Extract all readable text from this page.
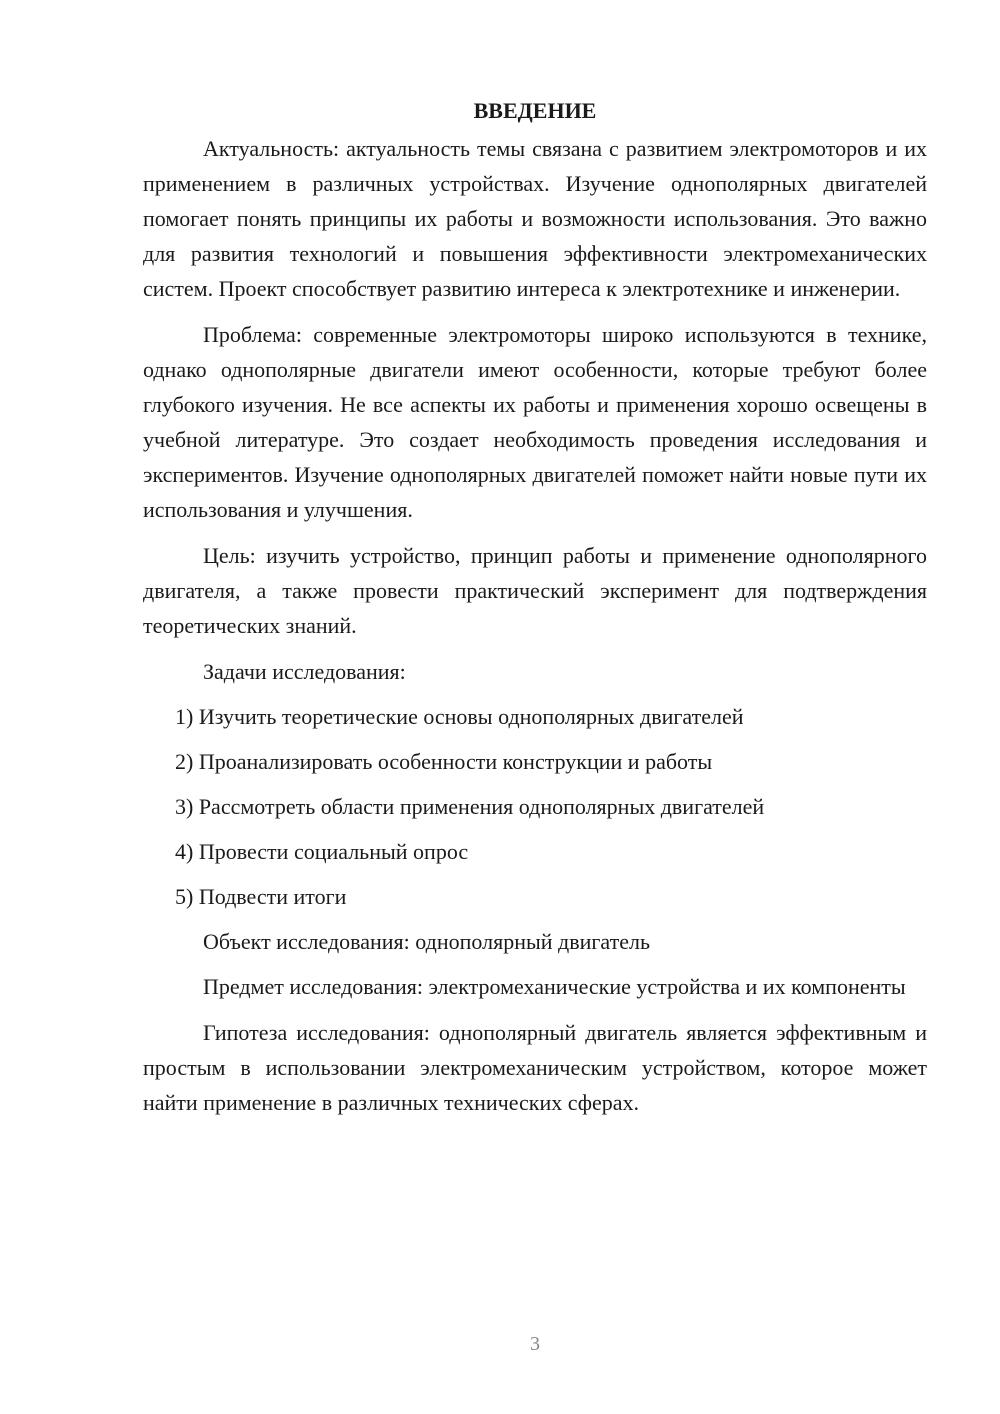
ВВЕДЕНИЕ

Актуальность: актуальность темы связана с развитием электромоторов и их применением в различных устройствах. Изучение однополярных двигателей помогает понять принципы их работы и возможности использования. Это важно для развития технологий и повышения эффективности электромеханических систем. Проект способствует развитию интереса к электротехнике и инженерии.

Проблема: современные электромоторы широко используются в технике, однако однополярные двигатели имеют особенности, которые требуют более глубокого изучения. Не все аспекты их работы и применения хорошо освещены в учебной литературе. Это создает необходимость проведения исследования и экспериментов. Изучение однополярных двигателей поможет найти новые пути их использования и улучшения.

Цель: изучить устройство, принцип работы и применение однополярного двигателя, а также провести практический эксперимент для подтверждения теоретических знаний.

Задачи исследования:

1) Изучить теоретические основы однополярных двигателей
2) Проанализировать особенности конструкции и работы
3) Рассмотреть области применения однополярных двигателей
4) Провести социальный опрос
5) Подвести итоги

Объект исследования: однополярный двигатель

Предмет исследования: электромеханические устройства и их компоненты

Гипотеза исследования: однополярный двигатель является эффективным и простым в использовании электромеханическим устройством, которое может найти применение в различных технических сферах.

3
